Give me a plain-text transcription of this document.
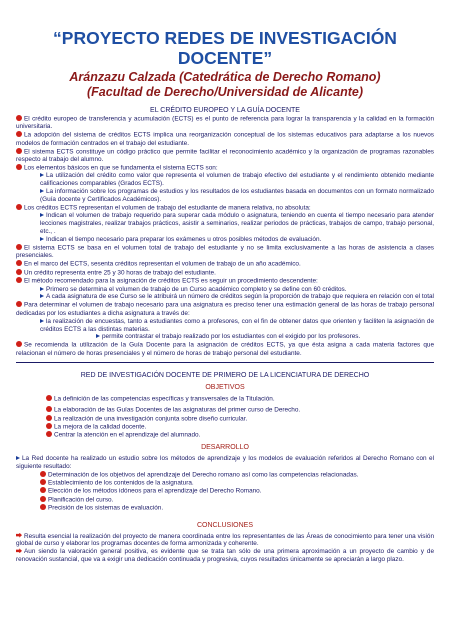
“PROYECTO REDES DE INVESTIGACIÓN
DOCENTE”

Aránzazu Calzada (Catedrática de Derecho Romano)

(Facultad de Derecho/Universidad de Alicante)

EL CRÉDITO EUROPEO Y LA GUÍA DOCENTE

El crédito europeo de transferencia y acumulación (ECTS) es el punto de referencia para lograr la transparencia y la calidad en la formación universitaria.

La adopción del sistema de créditos ECTS implica una reorganización conceptual de los sistemas educativos para adaptarse a los nuevos modelos de formación centrados en el trabajo del estudiante.

El sistema ECTS constituye un código práctico que permite facilitar el reconocimiento académico y la organización de programas razonables respecto al trabajo del alumno.

Los elementos básicos en que se fundamenta el sistema ECTS son:

La utilización del crédito como valor que representa el volumen de trabajo efectivo del estudiante y el rendimiento obtenido mediante calificaciones comparables (Grados ECTS).

La información sobre los programas de estudios y los resultados de los estudiantes basada en documentos con un formato normalizado (Guía docente y Certificados Académicos).

Los créditos ECTS representan el volumen de trabajo del estudiante de manera relativa, no absoluta:

Indican el volumen de trabajo requerido para superar cada módulo o asignatura, teniendo en cuenta el tiempo necesario para atender lecciones magistrales, realizar trabajos prácticos, asistir a seminarios, realizar periodos de prácticas, trabajos de campo, trabajo personal, etc., .

Indican el tiempo necesario para preparar los exámenes u otros posibles métodos de evaluación.

El sistema ECTS se basa en el volumen total de trabajo del estudiante y no se limita exclusivamente a las horas de asistencia a clases presenciales.

En el marco del ECTS, sesenta créditos representan el volumen de trabajo de un año académico.

Un crédito representa entre 25 y 30 horas de trabajo del estudiante.

El método recomendado para la asignación de créditos ECTS es seguir un procedimiento descendente:

Primero se determina el volumen de trabajo de un Curso académico completo y se define con 60 créditos.

A cada asignatura de ese Curso se le atribuirá un número de créditos según la proporción de trabajo que requiera en relación con el total

Para determinar el volumen de trabajo necesario para una asignatura es preciso tener una estimación general de las horas de trabajo personal dedicadas por los estudiantes a dicha asignatura a través de:

la realización de encuestas, tanto a estudiantes como a profesores, con el fin de obtener datos que orienten y faciliten la asignación de créditos ECTS a las distintas materias.

permite contrastar el trabajo realizado por los estudiantes con el exigido por los profesores.

Se recomienda la utilización de la Guía Docente para la asignación de créditos ECTS, ya que ésta asigna a cada materia factores que relacionan el número de horas presenciales y el número de horas de trabajo personal del estudiante.

RED DE INVESTIGACIÓN DOCENTE DE PRIMERO DE LA LICENCIATURA DE DERECHO

OBJETIVOS

La definición de las competencias específicas y transversales de la Titulación.

La elaboración de las Guías Docentes de las asignaturas del primer curso de Derecho.

La realización de una investigación conjunta sobre diseño curricular.

La mejora de la calidad docente.

Centrar la atención en el aprendizaje del alumnado.

DESARROLLO

La Red docente ha realizado un estudio sobre los métodos de aprendizaje y los modelos de evaluación referidos al Derecho Romano con el siguiente resultado:

Determinación de los objetivos del aprendizaje del Derecho romano así como las competencias relacionadas.

Establecimiento de los contenidos de la asignatura.

Elección de los métodos idóneos para el aprendizaje del Derecho Romano.

Planificación del curso.

Precisión de los sistemas de evaluación.

CONCLUSIONES

Resulta esencial la realización del proyecto de manera coordinada entre los representantes de las Áreas de conocimiento para tener una visión global de curso y elaborar los programas docentes de forma armonizada y coherente.

Aun siendo la valoración general positiva, es evidente que se trata tan sólo de una primera aproximación a un proyecto de cambio y de renovación sustancial, que va a exigir una dedicación continuada y progresiva, cuyos resultados únicamente se apreciarán a largo plazo.
